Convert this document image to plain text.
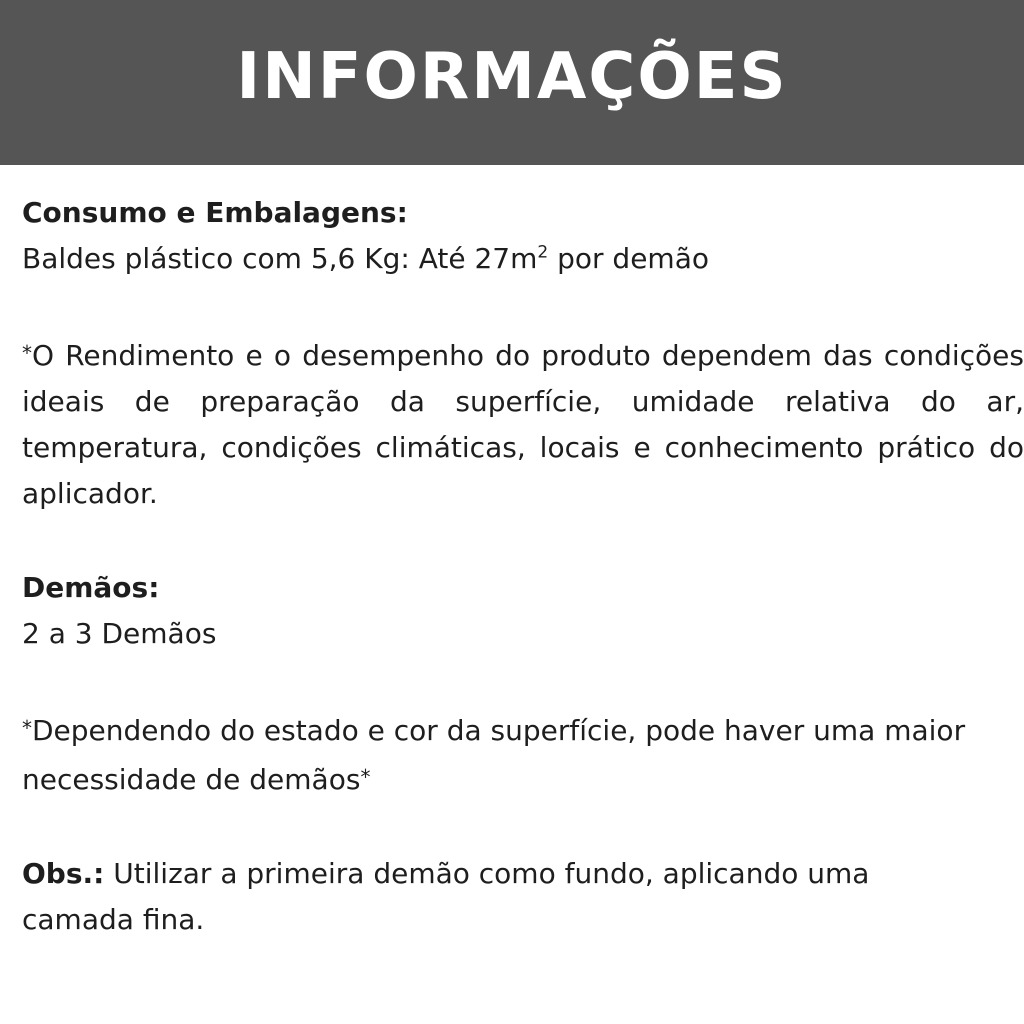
INFORMAÇÕES
Consumo e Embalagens:
Baldes plástico com 5,6 Kg: Até $27m^2$ por demão
*O Rendimento e o desempenho do produto dependem das condições ideais de preparação da superfície, umidade relativa do ar, temperatura, condições climáticas, locais e conhecimento prático do aplicador.
Demãos:
2 a 3 Demãos
*Dependendo do estado e cor da superfície, pode haver uma maior necessidade de demãos*
Obs.: Utilizar a primeira demão como fundo, aplicando uma
camada fina.
